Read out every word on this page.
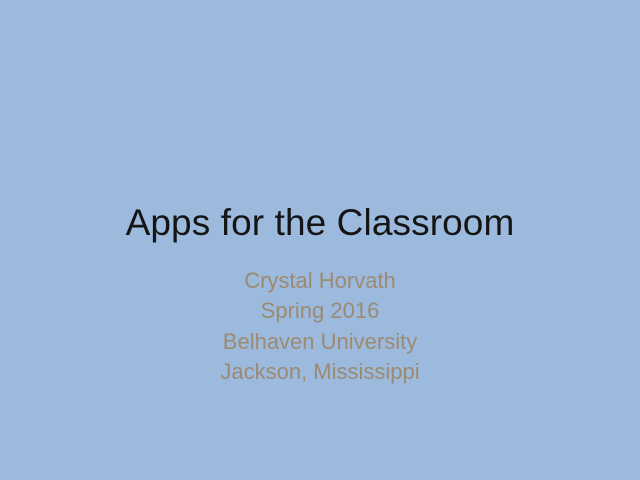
Apps for the Classroom
Crystal Horvath
Spring 2016
Belhaven University
Jackson, Mississippi
